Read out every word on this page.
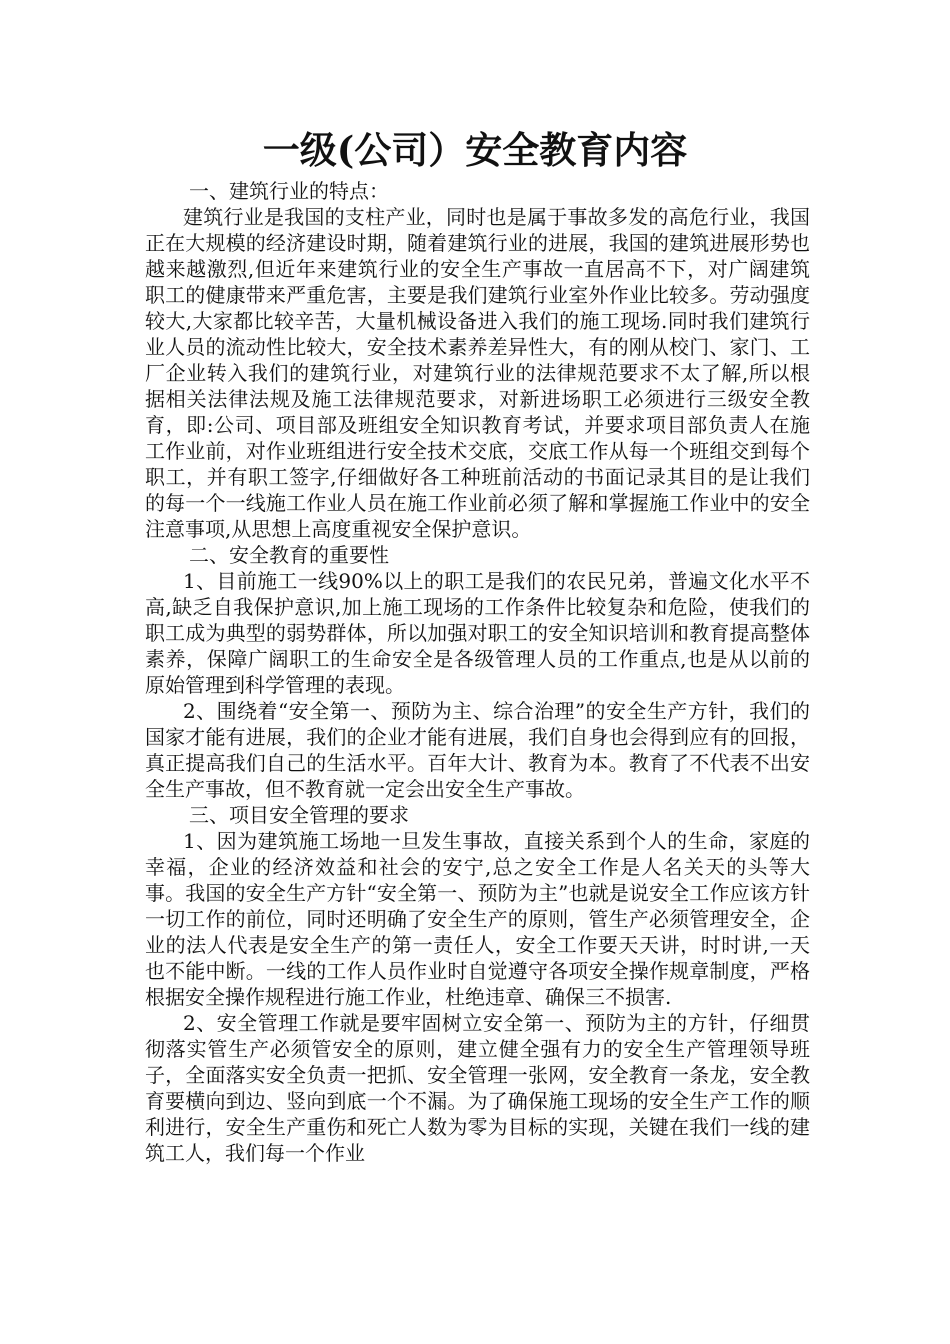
一级(公司）安全教育内容

一、建筑行业的特点：

建筑行业是我国的支柱产业，同时也是属于事故多发的高危行业，我国正在大规模的经济建设时期，随着建筑行业的进展，我国的建筑进展形势也越来越激烈,但近年来建筑行业的安全生产事故一直居高不下，对广阔建筑职工的健康带来严重危害，主要是我们建筑行业室外作业比较多。劳动强度较大,大家都比较辛苦，大量机械设备进入我们的施工现场.同时我们建筑行业人员的流动性比较大，安全技术素养差异性大，有的刚从校门、家门、工厂企业转入我们的建筑行业，对建筑行业的法律规范要求不太了解,所以根据相关法律法规及施工法律规范要求，对新进场职工必须进行三级安全教育，即:公司、项目部及班组安全知识教育考试，并要求项目部负责人在施工作业前，对作业班组进行安全技术交底，交底工作从每一个班组交到每个职工，并有职工签字,仔细做好各工种班前活动的书面记录其目的是让我们的每一个一线施工作业人员在施工作业前必须了解和掌握施工作业中的安全注意事项,从思想上高度重视安全保护意识。

二、安全教育的重要性

1、目前施工一线90%以上的职工是我们的农民兄弟，普遍文化水平不高,缺乏自我保护意识,加上施工现场的工作条件比较复杂和危险，使我们的职工成为典型的弱势群体，所以加强对职工的安全知识培训和教育提高整体素养，保障广阔职工的生命安全是各级管理人员的工作重点,也是从以前的原始管理到科学管理的表现。

2、围绕着“安全第一、预防为主、综合治理”的安全生产方针，我们的国家才能有进展，我们的企业才能有进展，我们自身也会得到应有的回报，真正提高我们自己的生活水平。百年大计、教育为本。教育了不代表不出安全生产事故，但不教育就一定会出安全生产事故。

三、项目安全管理的要求

1、因为建筑施工场地一旦发生事故，直接关系到个人的生命，家庭的幸福，企业的经济效益和社会的安宁,总之安全工作是人名关天的头等大事。我国的安全生产方针“安全第一、预防为主”也就是说安全工作应该方针一切工作的前位，同时还明确了安全生产的原则，管生产必须管理安全，企业的法人代表是安全生产的第一责任人，安全工作要天天讲，时时讲,一天也不能中断。一线的工作人员作业时自觉遵守各项安全操作规章制度，严格根据安全操作规程进行施工作业，杜绝违章、确保三不损害.

2、安全管理工作就是要牢固树立安全第一、预防为主的方针，仔细贯彻落实管生产必须管安全的原则，建立健全强有力的安全生产管理领导班子，全面落实安全负责一把抓、安全管理一张网，安全教育一条龙，安全教育要横向到边、竖向到底一个不漏。为了确保施工现场的安全生产工作的顺利进行，安全生产重伤和死亡人数为零为目标的实现，关键在我们一线的建筑工人，我们每一个作业
